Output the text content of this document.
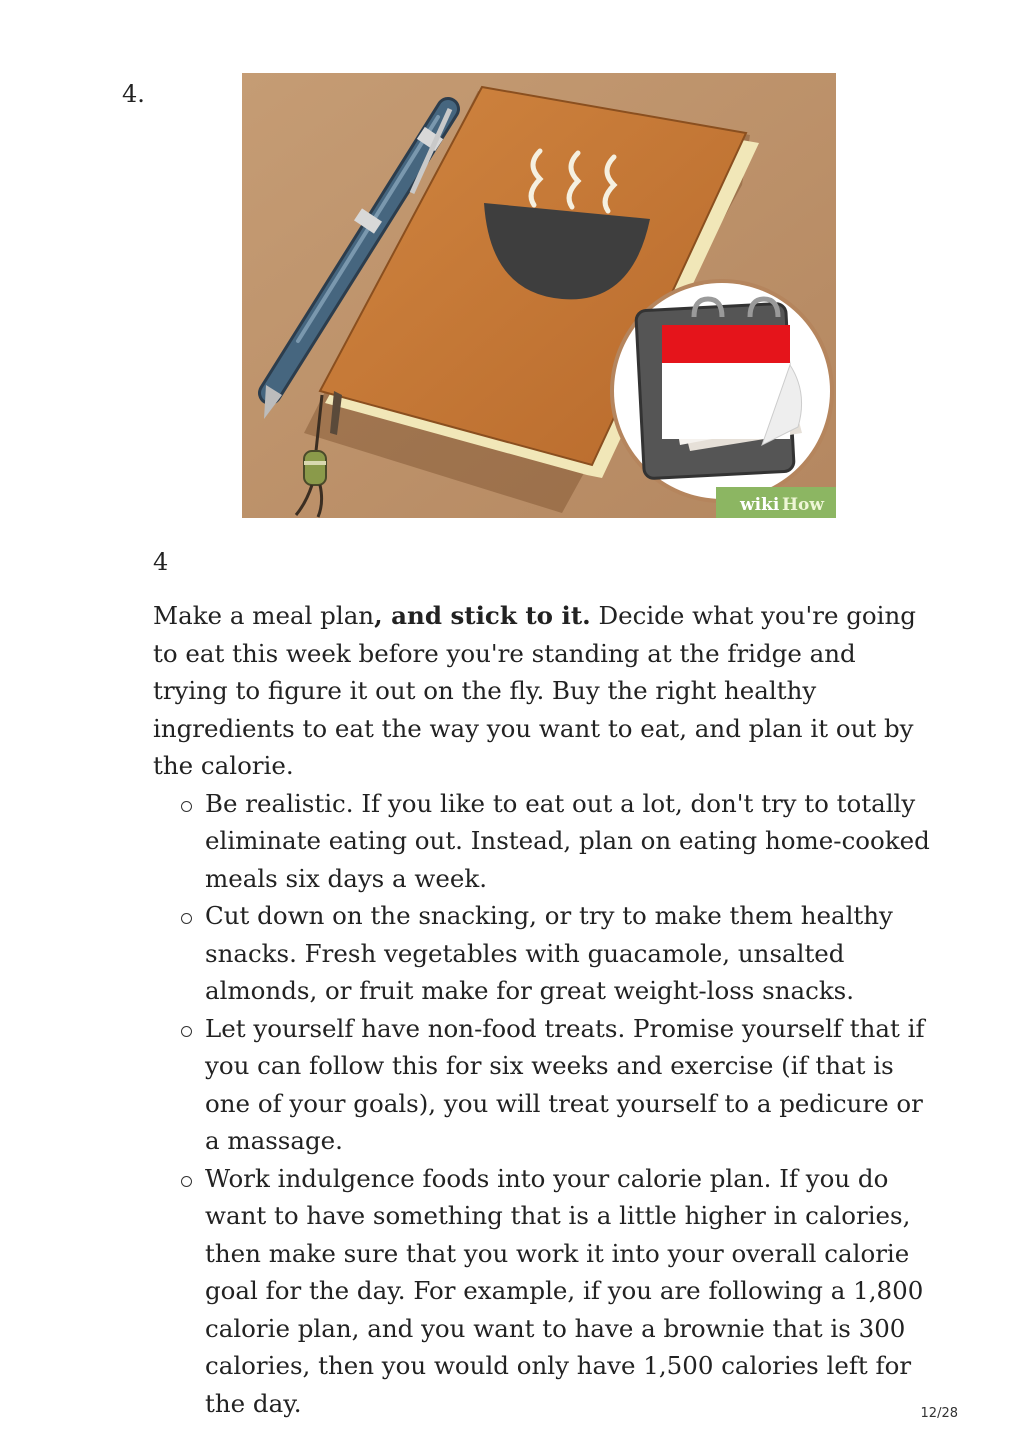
4.
wiki How
4

Make a meal plan, and stick to it. Decide what you're going to eat this week before you're standing at the fridge and trying to figure it out on the fly. Buy the right healthy ingredients to eat the way you want to eat, and plan it out by the calorie.

Be realistic. If you like to eat out a lot, don't try to totally eliminate eating out. Instead, plan on eating home-cooked meals six days a week.
Cut down on the snacking, or try to make them healthy snacks. Fresh vegetables with guacamole, unsalted almonds, or fruit make for great weight-loss snacks.
Let yourself have non-food treats. Promise yourself that if you can follow this for six weeks and exercise (if that is one of your goals), you will treat yourself to a pedicure or a massage.
Work indulgence foods into your calorie plan. If you do want to have something that is a little higher in calories, then make sure that you work it into your overall calorie goal for the day. For example, if you are following a 1,800 calorie plan, and you want to have a brownie that is 300 calories, then you would only have 1,500 calories left for the day.	12/28
